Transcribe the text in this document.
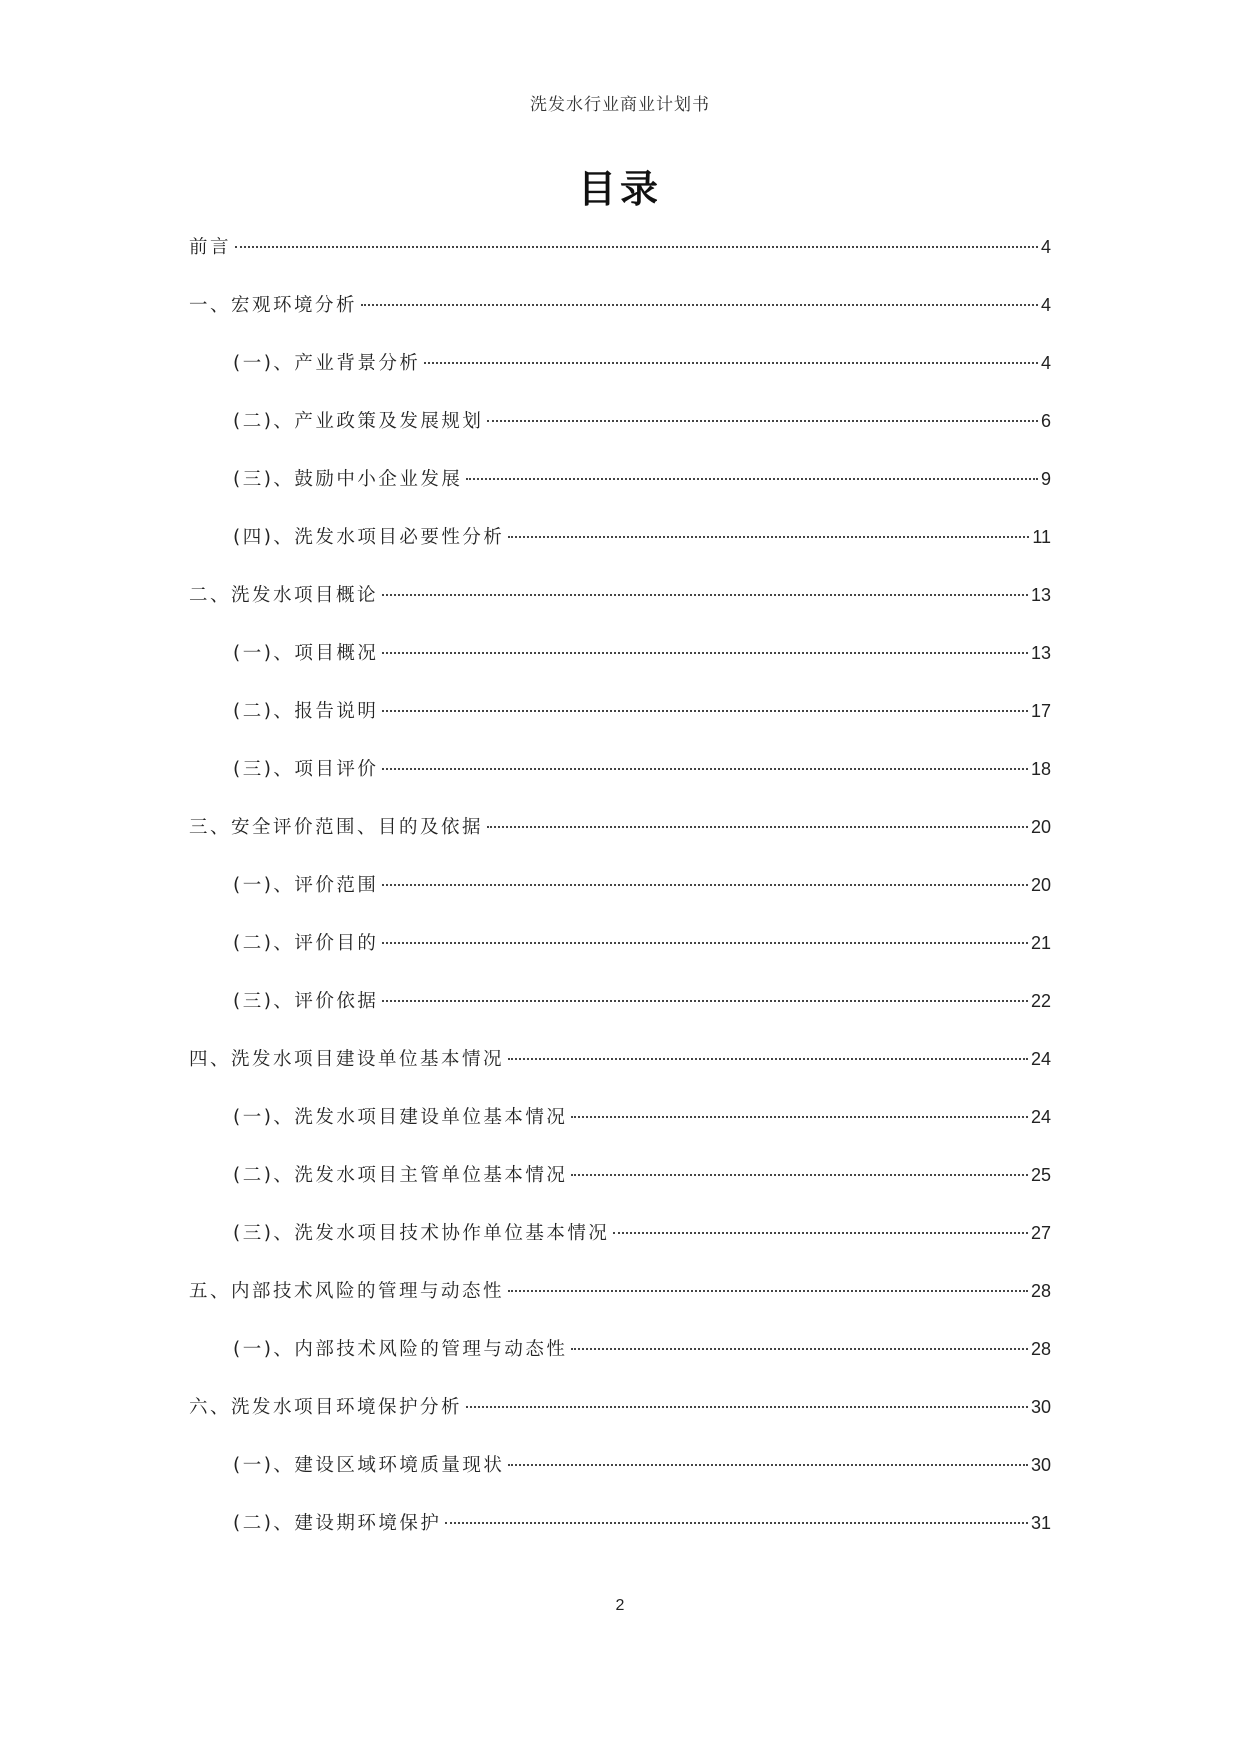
洗发水行业商业计划书
目录
前言	4
一、宏观环境分析	4
(一)、产业背景分析	4
(二)、产业政策及发展规划	6
(三)、鼓励中小企业发展	9
(四)、洗发水项目必要性分析	11
二、洗发水项目概论	13
(一)、项目概况	13
(二)、报告说明	17
(三)、项目评价	18
三、安全评价范围、目的及依据	20
(一)、评价范围	20
(二)、评价目的	21
(三)、评价依据	22
四、洗发水项目建设单位基本情况	24
(一)、洗发水项目建设单位基本情况	24
(二)、洗发水项目主管单位基本情况	25
(三)、洗发水项目技术协作单位基本情况	27
五、内部技术风险的管理与动态性	28
(一)、内部技术风险的管理与动态性	28
六、洗发水项目环境保护分析	30
(一)、建设区域环境质量现状	30
(二)、建设期环境保护	31
2
